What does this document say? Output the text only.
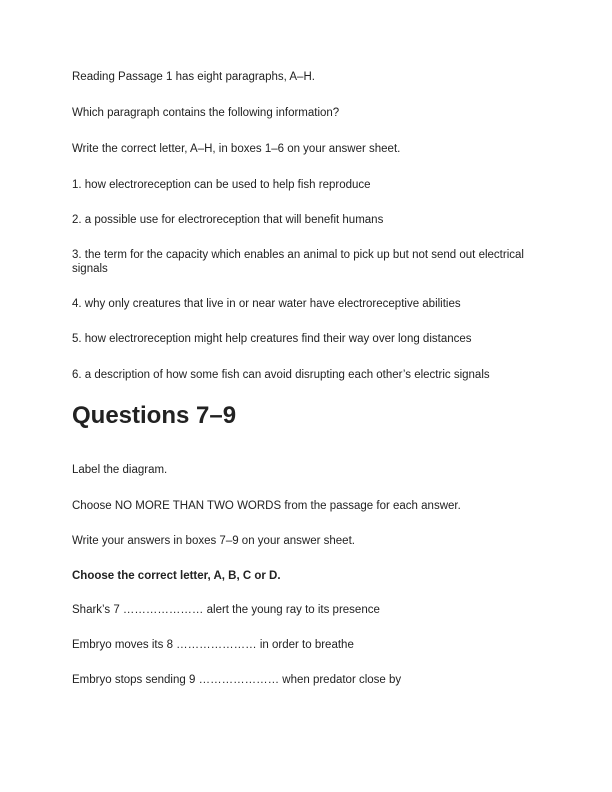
Reading Passage 1 has eight paragraphs, A–H.
Which paragraph contains the following information?
Write the correct letter, A–H, in boxes 1–6 on your answer sheet.
1. how electroreception can be used to help fish reproduce
2. a possible use for electroreception that will benefit humans
3. the term for the capacity which enables an animal to pick up but not send out electrical signals
4. why only creatures that live in or near water have electroreceptive abilities
5. how electroreception might help creatures find their way over long distances
6. a description of how some fish can avoid disrupting each other’s electric signals
Questions 7–9
Label the diagram.
Choose NO MORE THAN TWO WORDS from the passage for each answer.
Write your answers in boxes 7–9 on your answer sheet.
Choose the correct letter, A, B, C or D.
Shark’s 7 ………………… alert the young ray to its presence
Embryo moves its 8 ………………… in order to breathe
Embryo stops sending 9 ………………… when predator close by
